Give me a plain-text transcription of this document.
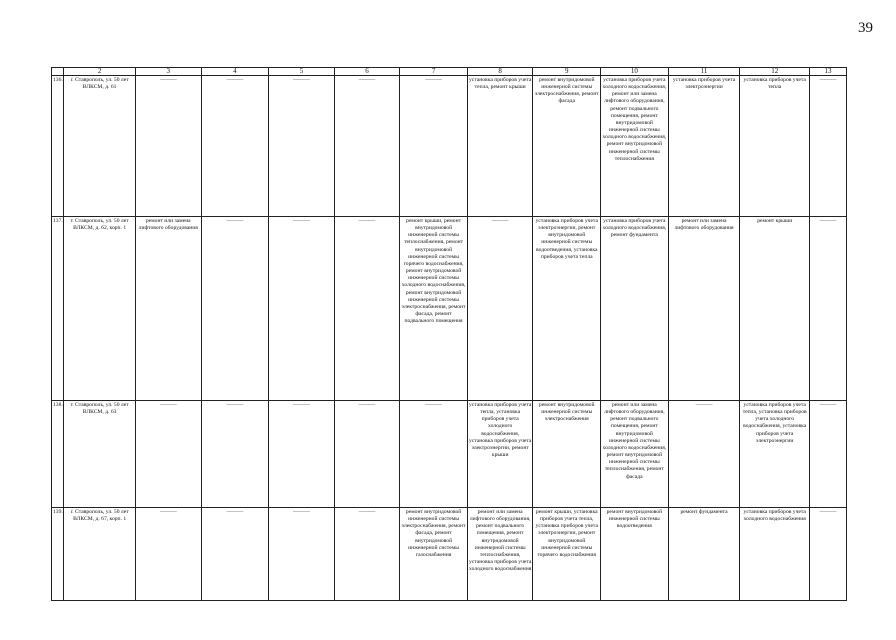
39
	2	3	4	5	6	7	8	9	10	11	12	13
136.	г. Ставрополь, ул. 50 лет ВЛКСМ, д. 61	———	———	———	———	———	установка приборов учета тепла, ремонт крыши	ремонт внутридомовой инженерной системы электроснабжения, ремонт фасада	установка приборов учета холодного водоснабжения, ремонт или замена лифтового оборудования, ремонт подвального помещения, ремонт внутридомовой инженерной системы холодного водоснабжения, ремонт внутридомовой инженерной системы теплоснабжения	установка приборов учета электроэнергии	установка приборов учета тепла	———
137.	г. Ставрополь, ул. 50 лет ВЛКСМ, д. 62, корп. 1	ремонт или замена лифтового оборудования	———	———	———	ремонт крыши, ремонт внутридомовой инженерной системы теплоснабжения, ремонт внутридомовой инженерной системы горячего водоснабжения, ремонт внутридомовой инженерной системы холодного водоснабжения, ремонт внутридомовой инженерной системы электроснабжения, ремонт фасада, ремонт подвального помещения	———	установка приборов учета электроэнергии, ремонт внутридомовой инженерной системы водоотведения, установка приборов учета тепла	установка приборов учета холодного водоснабжения, ремонт фундамента	ремонт или замена лифтового оборудования	ремонт крыши	———
138.	г. Ставрополь, ул. 50 лет ВЛКСМ, д. 63	———	———	———	———	———	установка приборов учета тепла, установка приборов учета холодного водоснабжения, установка приборов учета электроэнергии, ремонт крыши	ремонт внутридомовой инженерной системы электроснабжения	ремонт или замена лифтового оборудования, ремонт подвального помещения, ремонт внутридомовой инженерной системы холодного водоснабжения, ремонт внутридомовой инженерной системы теплоснабжения, ремонт фасада	———	установка приборов учета тепла, установка приборов учета холодного водоснабжения, установка приборов учета электроэнергии	———
139.	г. Ставрополь, ул. 50 лет ВЛКСМ, д. 67, корп. 1	———	———	———	———	ремонт внутридомовой инженерной системы электроснабжения, ремонт фасада, ремонт внутридомовой инженерной системы газоснабжения	ремонт или замена лифтового оборудования, ремонт подвального помещения, ремонт внутридомовой инженерной системы теплоснабжения, установка приборов учета холодного водоснабжения	ремонт крыши, установка приборов учета тепла, установка приборов учета электроэнергии, ремонт внутридомовой инженерной системы горячего водоснабжения	ремонт внутридомовой инженерной системы водоотведения	ремонт фундамента	установка приборов учета холодного водоснабжения	———
